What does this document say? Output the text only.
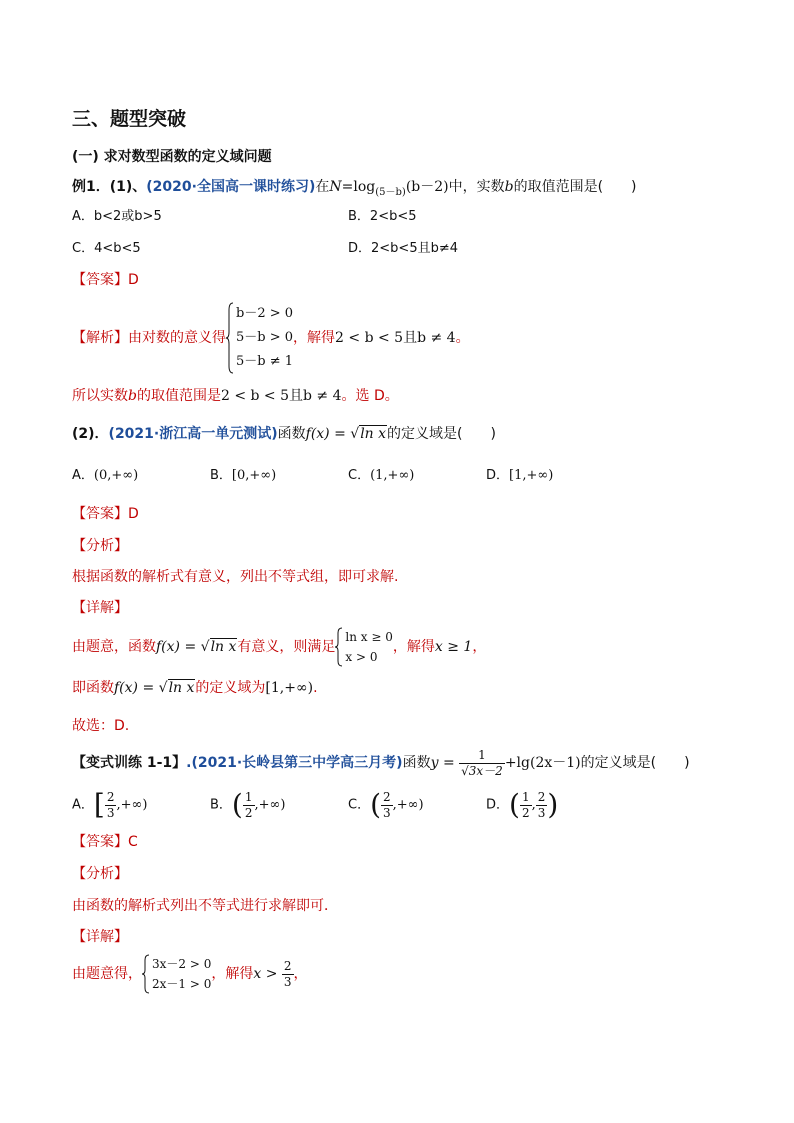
三、题型突破
(一) 求对数型函数的定义域问题
例1．(1)、(2020·全国高一课时练习)在$N=\log_{(5-b)}(b-2)$中，实数b的取值范围是(　　)
A．b<2或b>5	B．2<b<5
C．4<b<5	D．2<b<5且b≠4
【答案】D
【解析】由对数的意义得
b－2 > 0
5－b > 0
5－b ≠ 1
，解得2 < b < 5且b ≠ 4。
所以实数b的取值范围是2 < b < 5且b ≠ 4。选 D。
(2)．(2021·浙江高一单元测试)函数f(x) = √ln x的定义域是(　　)
A．(0,+∞)	B．[0,+∞)	C．(1,+∞)	D．[1,+∞)
【答案】D
【分析】
根据函数的解析式有意义，列出不等式组，即可求解.
【详解】
由题意，函数f(x) = √ln x有意义，则满足
ln x ≥ 0
x > 0
，解得x ≥ 1，
即函数f(x) = √ln x的定义域为[1,+∞).
故选：D.
【变式训练 1-1】.(2021·长岭县第三中学高三月考)函数$y = \frac{1}{√3x-2} +\lg(2x-1)$的定义域是(　　)
A．[ $\frac{2}{3}$ ,+∞)	B．( $\frac{1}{2}$ ,+∞)	C．( $\frac{2}{3}$ ,+∞)	D．( $\frac{1}{2}$ , $\frac{2}{3}$ )
【答案】C
【分析】
由函数的解析式列出不等式进行求解即可．
【详解】
由题意得，
3x－2 > 0
2x－1 > 0
，解得$x > \frac{2}{3}$ ，
